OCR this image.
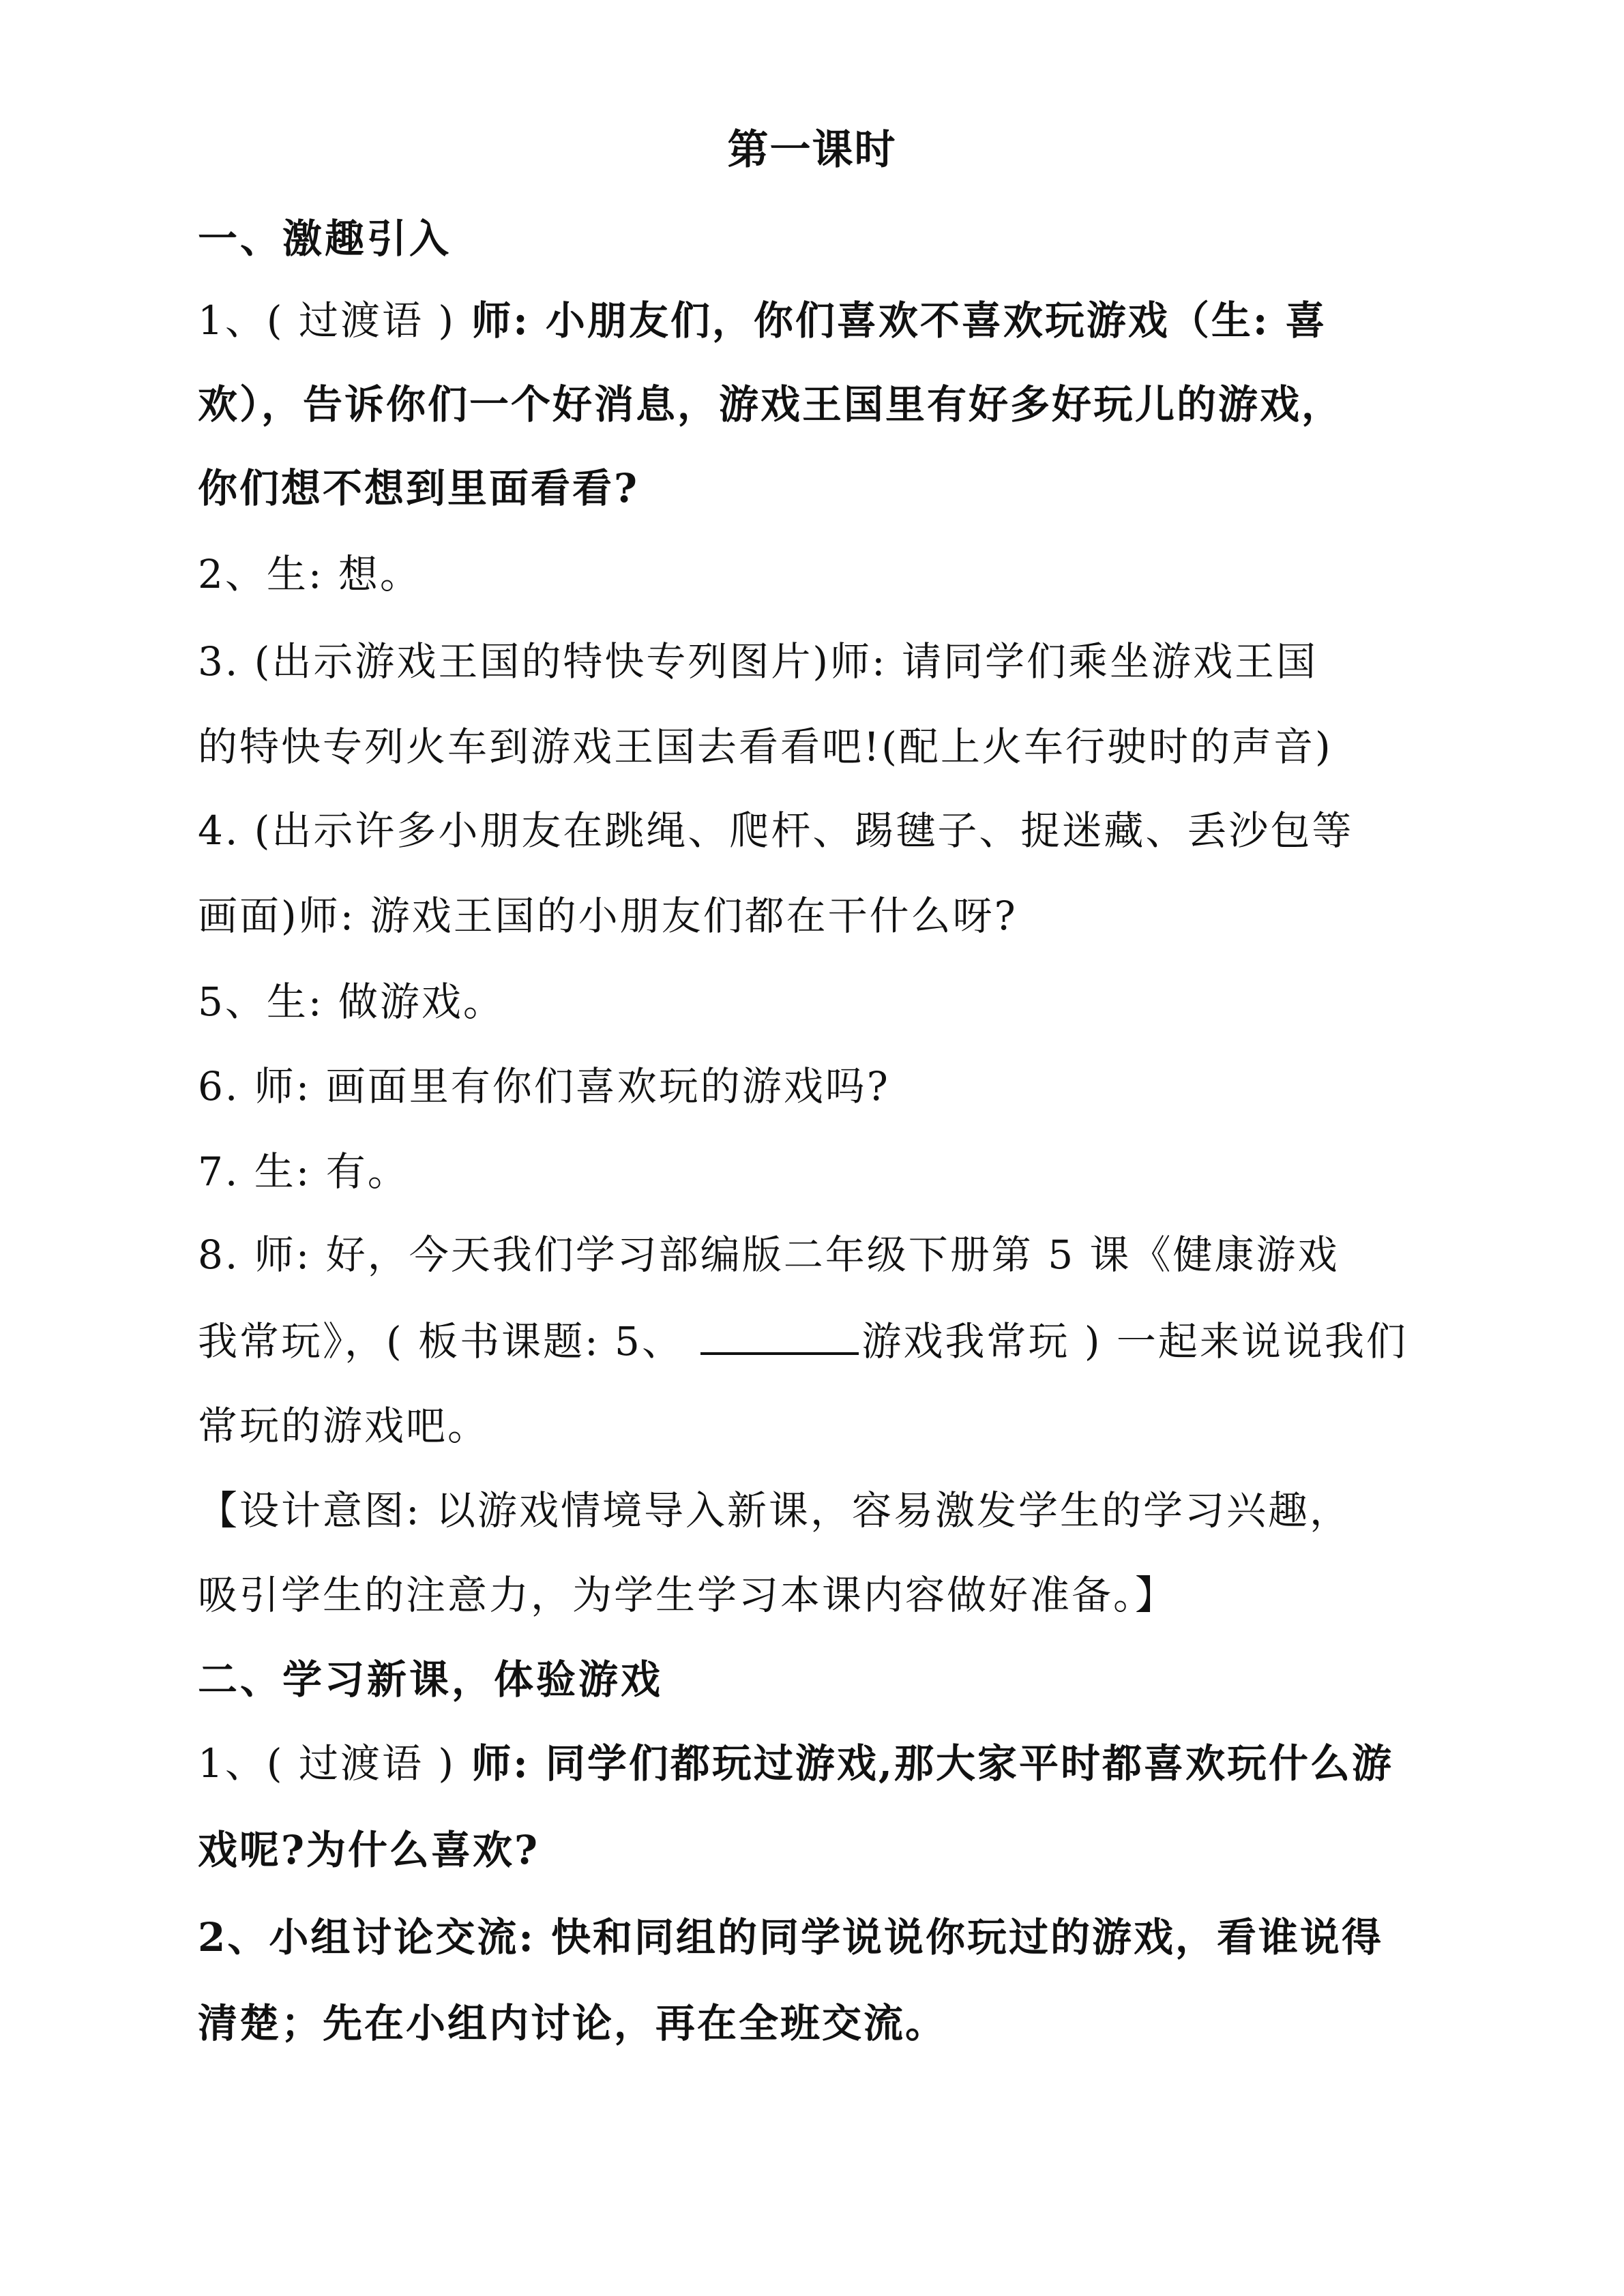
第一课时
一、激趣引入
1、( 过渡语 ) 师: 小朋友们，你们喜欢不喜欢玩游戏（生: 喜
欢），告诉你们一个好消息，游戏王国里有好多好玩儿的游戏，
你们想不想到里面看看?
2、生: 想。
3. (出示游戏王国的特快专列图片)师: 请同学们乘坐游戏王国
的特快专列火车到游戏王国去看看吧!(配上火车行驶时的声音)
4. (出示许多小朋友在跳绳、爬杆、踢毽子、捉迷藏、丢沙包等
画面)师: 游戏王国的小朋友们都在干什么呀?
5、生: 做游戏。
6. 师: 画面里有你们喜欢玩的游戏吗?
7. 生: 有。
8. 师: 好，今天我们学习部编版二年级下册第 5 课《健康游戏
我常玩》，( 板书课题: 5、	游戏我常玩 ) 一起来说说我们
常玩的游戏吧。
【设计意图: 以游戏情境导入新课，容易激发学生的学习兴趣，
吸引学生的注意力，为学生学习本课内容做好准备。】
二、学习新课，体验游戏
1、( 过渡语 ) 师: 同学们都玩过游戏,那大家平时都喜欢玩什么游
戏呢?为什么喜欢?
2、小组讨论交流: 快和同组的同学说说你玩过的游戏，看谁说得
清楚；先在小组内讨论，再在全班交流。
